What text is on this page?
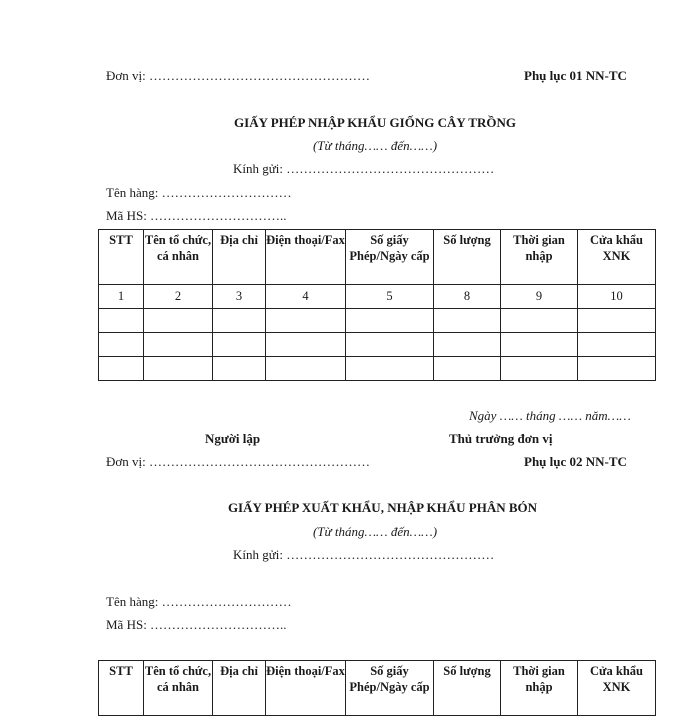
Đơn vị: ……………………………………………	Phụ lục 01 NN-TC
GIẤY PHÉP NHẬP KHẨU GIỐNG CÂY TRỒNG
(Từ tháng…… đến……)
Kính gửi: …………………………………………
Tên hàng: …………………………
Mã HS: …………………………..
STT	Tên tổ chức, cá nhân	Địa chỉ	Điện thoại/Fax	Số giấy Phép/Ngày cấp	Số lượng	Thời gian nhập	Cửa khẩu XNK
1	2	3	4	5	8	9	10

Ngày …… tháng …… năm……
Người lập	Thủ trưởng đơn vị
Đơn vị: ……………………………………………	Phụ lục 02 NN-TC
GIẤY PHÉP XUẤT KHẨU, NHẬP KHẨU PHÂN BÓN
(Từ tháng…… đến……)
Kính gửi: …………………………………………
Tên hàng: …………………………
Mã HS: …………………………..
STT	Tên tổ chức, cá nhân	Địa chỉ	Điện thoại/Fax	Số giấy Phép/Ngày cấp	Số lượng	Thời gian nhập	Cửa khẩu XNK
